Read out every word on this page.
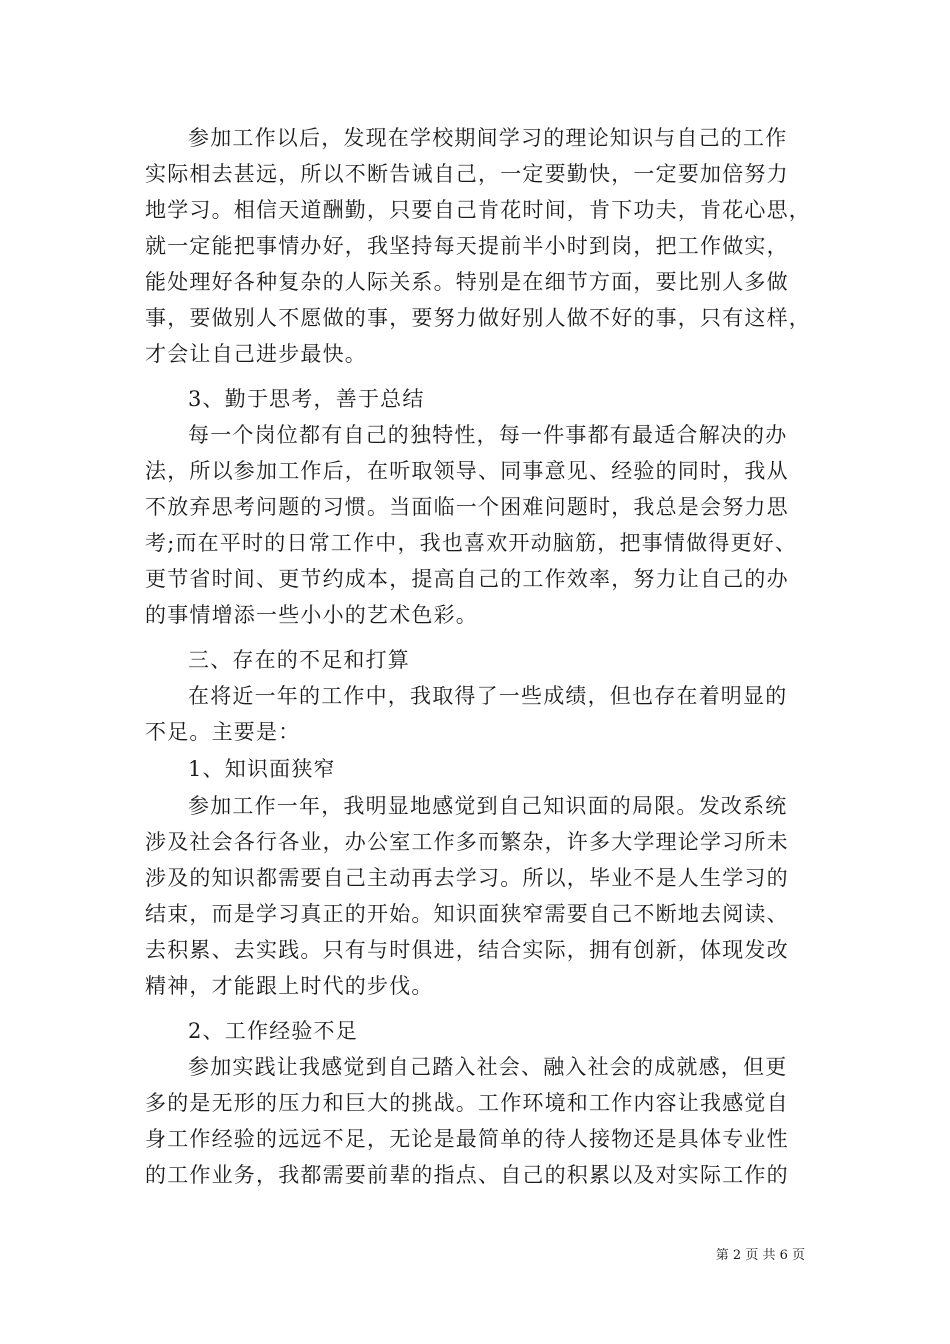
参加工作以后，发现在学校期间学习的理论知识与自己的工作
实际相去甚远，所以不断告诫自己，一定要勤快，一定要加倍努力
地学习。相信天道酬勤，只要自己肯花时间，肯下功夫，肯花心思，
就一定能把事情办好，我坚持每天提前半小时到岗，把工作做实，
能处理好各种复杂的人际关系。特别是在细节方面，要比别人多做
事，要做别人不愿做的事，要努力做好别人做不好的事，只有这样，
才会让自己进步最快。
3、勤于思考，善于总结
每一个岗位都有自己的独特性，每一件事都有最适合解决的办
法，所以参加工作后，在听取领导、同事意见、经验的同时，我从
不放弃思考问题的习惯。当面临一个困难问题时，我总是会努力思
考;而在平时的日常工作中，我也喜欢开动脑筋，把事情做得更好、
更节省时间、更节约成本，提高自己的工作效率，努力让自己的办
的事情增添一些小小的艺术色彩。
三、存在的不足和打算
在将近一年的工作中，我取得了一些成绩，但也存在着明显的
不足。主要是：
1、知识面狭窄
参加工作一年，我明显地感觉到自己知识面的局限。发改系统
涉及社会各行各业，办公室工作多而繁杂，许多大学理论学习所未
涉及的知识都需要自己主动再去学习。所以，毕业不是人生学习的
结束，而是学习真正的开始。知识面狭窄需要自己不断地去阅读、
去积累、去实践。只有与时俱进，结合实际，拥有创新，体现发改
精神，才能跟上时代的步伐。
2、工作经验不足
参加实践让我感觉到自己踏入社会、融入社会的成就感，但更
多的是无形的压力和巨大的挑战。工作环境和工作内容让我感觉自
身工作经验的远远不足，无论是最简单的待人接物还是具体专业性
的工作业务，我都需要前辈的指点、自己的积累以及对实际工作的
第 2 页 共 6 页
